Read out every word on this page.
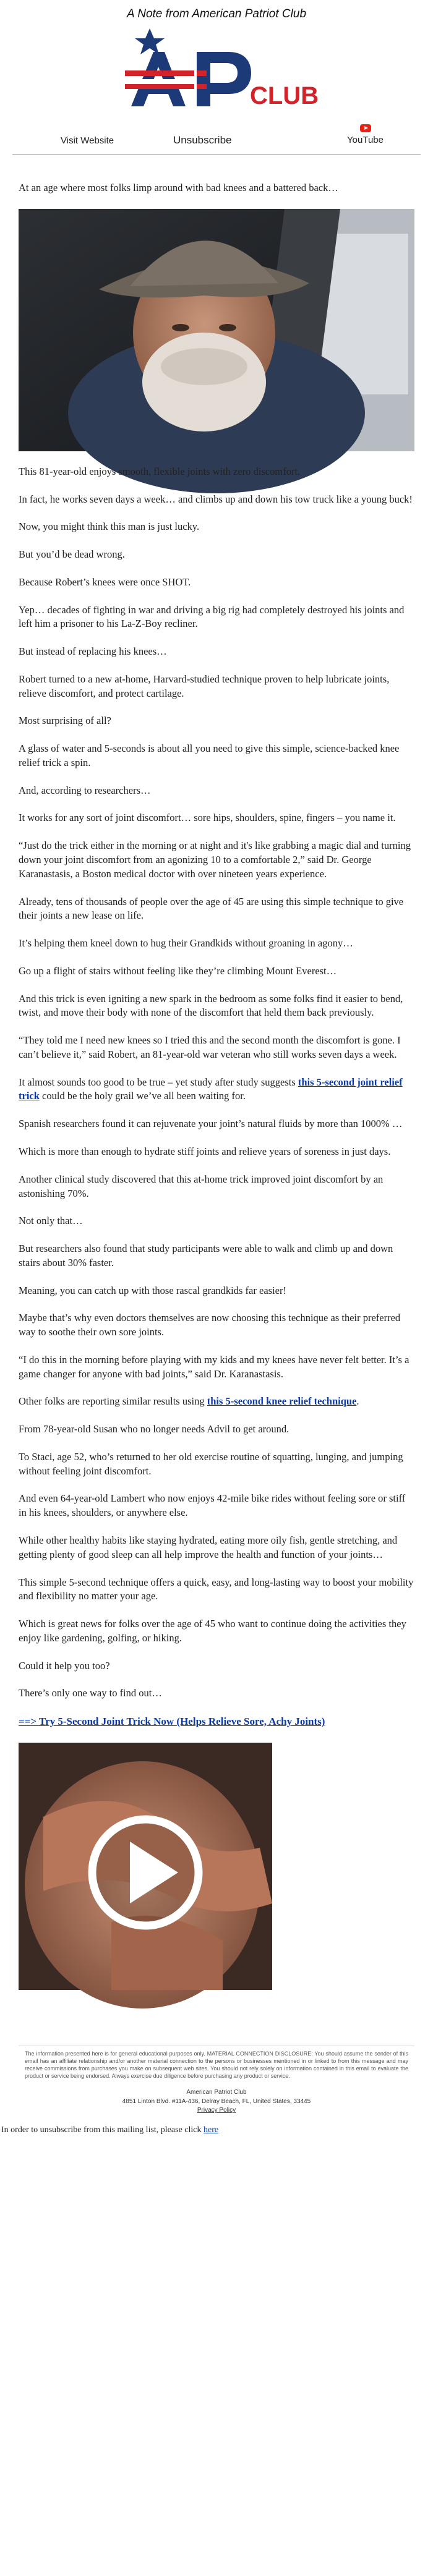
A Note from American Patriot Club
CLUB
Visit Website	Unsubscribe	YouTube

At an age where most folks limp around with bad knees and a battered back…

This 81-year-old enjoys smooth, flexible joints with zero discomfort.

In fact, he works seven days a week… and climbs up and down his tow truck like a young buck!

Now, you might think this man is just lucky.

But you’d be dead wrong.

Because Robert’s knees were once SHOT.

Yep… decades of fighting in war and driving a big rig had completely destroyed his joints and left him a prisoner to his La-Z-Boy recliner.

But instead of replacing his knees…

Robert turned to a new at-home, Harvard-studied technique proven to help lubricate joints, relieve discomfort, and protect cartilage.

Most surprising of all?

A glass of water and 5-seconds is about all you need to give this simple, science-backed knee relief trick a spin.

And, according to researchers…

It works for any sort of joint discomfort… sore hips, shoulders, spine, fingers – you name it.

“Just do the trick either in the morning or at night and it's like grabbing a magic dial and turning down your joint discomfort from an agonizing 10 to a comfortable 2,” said Dr. George Karanastasis, a Boston medical doctor with over nineteen years experience.

Already, tens of thousands of people over the age of 45 are using this simple technique to give their joints a new lease on life.

It’s helping them kneel down to hug their Grandkids without groaning in agony…

Go up a flight of stairs without feeling like they’re climbing Mount Everest…

And this trick is even igniting a new spark in the bedroom as some folks find it easier to bend, twist, and move their body with none of the discomfort that held them back previously.

“They told me I need new knees so I tried this and the second month the discomfort is gone. I can’t believe it,” said Robert, an 81-year-old war veteran who still works seven days a week.

It almost sounds too good to be true – yet study after study suggests this 5-second joint relief trick could be the holy grail we’ve all been waiting for.

Spanish researchers found it can rejuvenate your joint’s natural fluids by more than 1000% …

Which is more than enough to hydrate stiff joints and relieve years of soreness in just days.

Another clinical study discovered that this at-home trick improved joint discomfort by an astonishing 70%.

Not only that…

But researchers also found that study participants were able to walk and climb up and down stairs about 30% faster.

Meaning, you can catch up with those rascal grandkids far easier!

Maybe that’s why even doctors themselves are now choosing this technique as their preferred way to soothe their own sore joints.

“I do this in the morning before playing with my kids and my knees have never felt better. It’s a game changer for anyone with bad joints,” said Dr. Karanastasis.

Other folks are reporting similar results using this 5-second knee relief technique.

From 78-year-old Susan who no longer needs Advil to get around.

To Staci, age 52, who’s returned to her old exercise routine of squatting, lunging, and jumping without feeling joint discomfort.

And even 64-year-old Lambert who now enjoys 42-mile bike rides without feeling sore or stiff in his knees, shoulders, or anywhere else.

While other healthy habits like staying hydrated, eating more oily fish, gentle stretching, and getting plenty of good sleep can all help improve the health and function of your joints…

This simple 5-second technique offers a quick, easy, and long-lasting way to boost your mobility and flexibility no matter your age.

Which is great news for folks over the age of 45 who want to continue doing the activities they enjoy like gardening, golfing, or hiking.

Could it help you too?

There’s only one way to find out…

==> Try 5-Second Joint Trick Now (Helps Relieve Sore, Achy Joints)

The information presented here is for general educational purposes only. MATERIAL CONNECTION DISCLOSURE: You should assume the sender of this email has an affiliate relationship and/or another material connection to the persons or businesses mentioned in or linked to from this message and may receive commissions from purchases you make on subsequent web sites. You should not rely solely on information contained in this email to evaluate the product or service being endorsed. Always exercise due diligence before purchasing any product or service.
American Patriot Club
4851 Linton Blvd. #11A-436, Delray Beach, FL, United States, 33445
Privacy Policy
In order to unsubscribe from this mailing list, please click here
